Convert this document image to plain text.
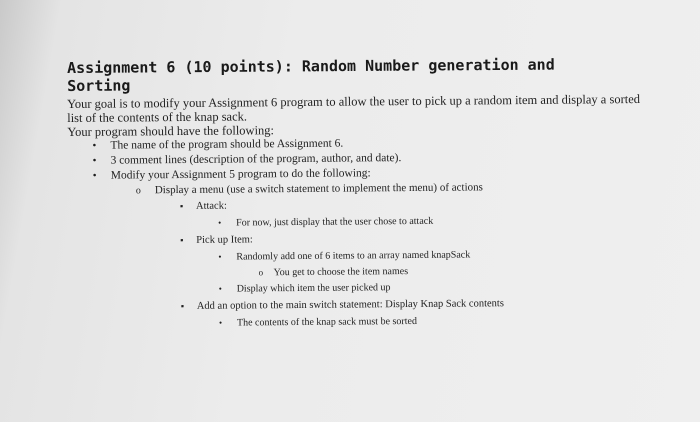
Assignment 6 (10 points): Random Number generation and
Sorting

Your goal is to modify your Assignment 6 program to allow the user to pick up a random item and display a sorted

list of the contents of the knap sack.

Your program should have the following:

• The name of the program should be Assignment 6.
• 3 comment lines (description of the program, author, and date).
• Modify your Assignment 5 program to do the following:
o Display a menu (use a switch statement to implement the menu) of actions
▪ Attack:
• For now, just display that the user chose to attack
▪ Pick up Item:
• Randomly add one of 6 items to an array named knapSack
o You get to choose the item names
• Display which item the user picked up
▪ Add an option to the main switch statement: Display Knap Sack contents
• The contents of the knap sack must be sorted
